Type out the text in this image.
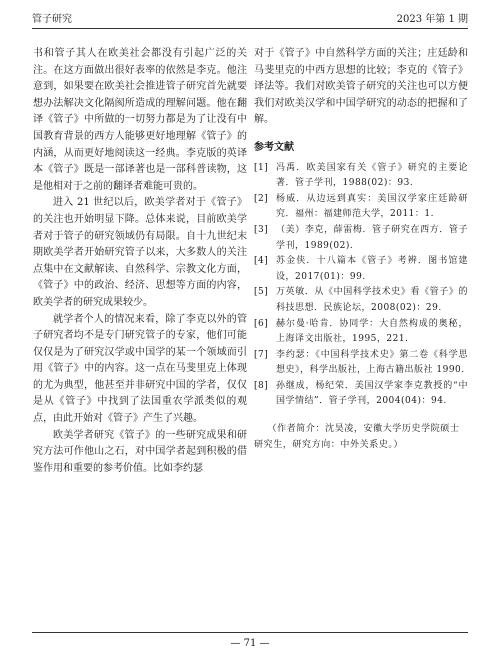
管子研究	2023 年第 1 期

书和管子其人在欧美社会都没有引起广泛的关注。在这方面做出很好表率的依然是李克。他注意到，如果要在欧美社会推进管子研究首先就要想办法解决文化隔阂所造成的理解问题。他在翻译《管子》中所做的一切努力都是为了让没有中国教育背景的西方人能够更好地理解《管子》的内涵，从而更好地阅读这一经典。李克版的英译本《管子》既是一部译著也是一部科普读物，这是他相对于之前的翻译者难能可贵的。

进入 21 世纪以后，欧美学者对于《管子》的关注也开始明显下降。总体来说，目前欧美学者对于管子的研究领域仍有局限。自十九世纪末期欧美学者开始研究管子以来，大多数人的关注点集中在文献解读、自然科学、宗教文化方面，《管子》中的政治、经济、思想等方面的内容，欧美学者的研究成果较少。

就学者个人的情况来看，除了李克以外的管子研究者均不是专门研究管子的专家，他们可能仅仅是为了研究汉学或中国学的某一个领域而引用《管子》中的内容。这一点在马斐里克上体现的尤为典型，他甚至并非研究中国的学者，仅仅是从《管子》中找到了法国重农学派类似的观点，由此开始对《管子》产生了兴趣。

欧美学者研究《管子》的一些研究成果和研究方法可作他山之石，对中国学者起到积极的借鉴作用和重要的参考价值。比如李约瑟

对于《管子》中自然科学方面的关注；庄廷龄和马斐里克的中西方思想的比较；李克的《管子》译法等。我们对欧美管子研究的关注也可以方便我们对欧美汉学和中国学研究的动态的把握和了解。

参考文献
[1] 冯禹．欧美国家有关《管子》研究的主要论著．管子学刊，1988(02)：93.
[2] 杨威．从边远到真实：美国汉学家庄廷龄研究．福州：福建师范大学，2011：1.
[3] （美）李克，薛雷梅．管子研究在西方．管子学刊，1989(02).
[4] 苏金侠．十八篇本《管子》考辨．图书馆建设，2017(01)：99.
[5] 万英敏．从《中国科学技术史》看《管子》的科技思想．民族论坛，2008(02)：29.
[6] 赫尔曼·哈肯．协同学：大自然构成的奥秘，上海译文出版社，1995，221.
[7] 李约瑟：《中国科学技术史》第二卷《科学思想史》，科学出版社，上海古籍出版社 1990.
[8] 孙继成，杨纪荣．美国汉学家李克教授的“中国学情结”．管子学刊，2004(04)：94.
（作者简介：沈昊凌，安徽大学历史学院硕士研究生，研究方向：中外关系史。）
— 71 —
